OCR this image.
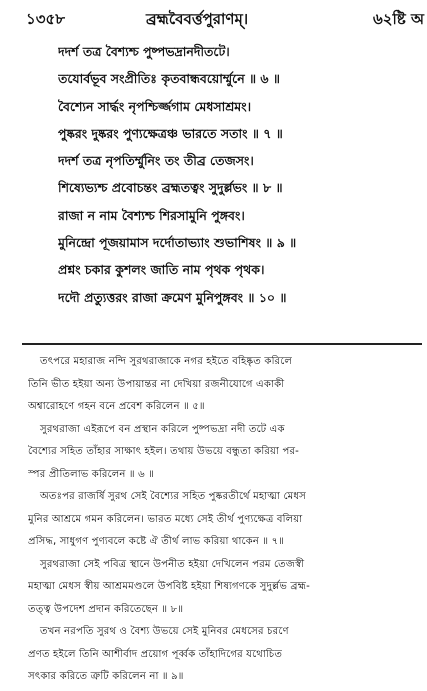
১৩৫৮	ব্রহ্মবৈবর্ত্তপুরাণম্।	৬২ষ্টি অ
দদর্শ তত্র বৈশ্যশ্চ পুষ্পভদ্রানদীতটে।
তযোর্বভূব সংপ্রীতিঃ কৃতবান্ধবয়োর্ম্মুনে ॥ ৬ ॥
বৈশ্যেন সার্দ্ধং নৃপশ্চির্জ্জগাম মেধসাশ্রমং।
পুষ্করং দুষ্করং পুণ্যক্ষেত্রঞ্চ ভারতে সতাং ॥ ৭ ॥
দদর্শ তত্র নৃপতির্ম্মুনিং তং তীব্র তেজসং।
শিষ্যেভ্যশ্চ প্রবোচন্তং ব্রহ্মতত্বং সুদুর্ল্লভং ॥ ৮ ॥
রাজা ন নাম বৈশ্যশ্চ শিরসামুনি পুঙ্গবং।
মুনিন্দ্রো পূজয়ামাস দর্দোতাভ্যাং শুভাশিষং ॥ ৯ ॥
প্রশ্নং চকার কুশলং জাতি নাম পৃথক পৃথক।
দদৌ প্রত্যুত্তরং রাজা ক্রমেণ মুনিপুঙ্গবং ॥ ১০ ॥
তৎপরে মহারাজ নন্দি সুরথরাজাকে নগর হইতে বহিষ্কৃত করিলে
তিনি ভীত হইয়া অন্য উপায়ান্তর না দেখিয়া রজনীযোগে একাকী
অশ্বারোহণে গহন বনে প্রবেশ করিলেন ॥ ৫॥
সুরথরাজা এইরূপে বন প্রস্থান করিলে পুষ্পভদ্রা নদী তটে এক
বৈশ্যের সহিত তাঁহার সাক্ষাৎ হইল। তথায় উভয়ে বন্ধুতা করিয়া পর-
স্পর প্রীতিলাভ করিলেন ॥ ৬ ॥
অতঃপর রাজর্ষি সুরথ সেই বৈশ্যের সহিত পুষ্করতীর্থে মহাত্মা মেধস
মুনির আশ্রমে গমন করিলেন। ভারত মধ্যে সেই তীর্থ পুণ্যক্ষেত্র বলিয়া
প্রসিদ্ধ, সাধুগণ পুণ্যবলে কষ্টে ঐ তীর্থ লাভ করিয়া থাকেন ॥ ৭॥
সুরথরাজা সেই পবিত্র স্থানে উপনীত হইয়া দেখিলেন পরম তেজস্বী
মহাত্মা মেধস স্বীয় আশ্রমমণ্ডলে উপবিষ্ট হইয়া শিষ্যগণকে সুদুর্ল্লভ ব্রহ্ম-
তত্ত্ব উপদেশ প্রদান করিতেছেন ॥ ৮॥
তখন নরপতি সুরথ ও বৈশ্য উভয়ে সেই মুনিবর মেধসের চরণে
প্রণত হইলে তিনি আশীর্বাদ প্রয়োগ পূর্ব্বক তাঁহাদিগের যথোচিত
সৎকার করিতে ত্রুটি করিলেন না ॥ ৯॥
